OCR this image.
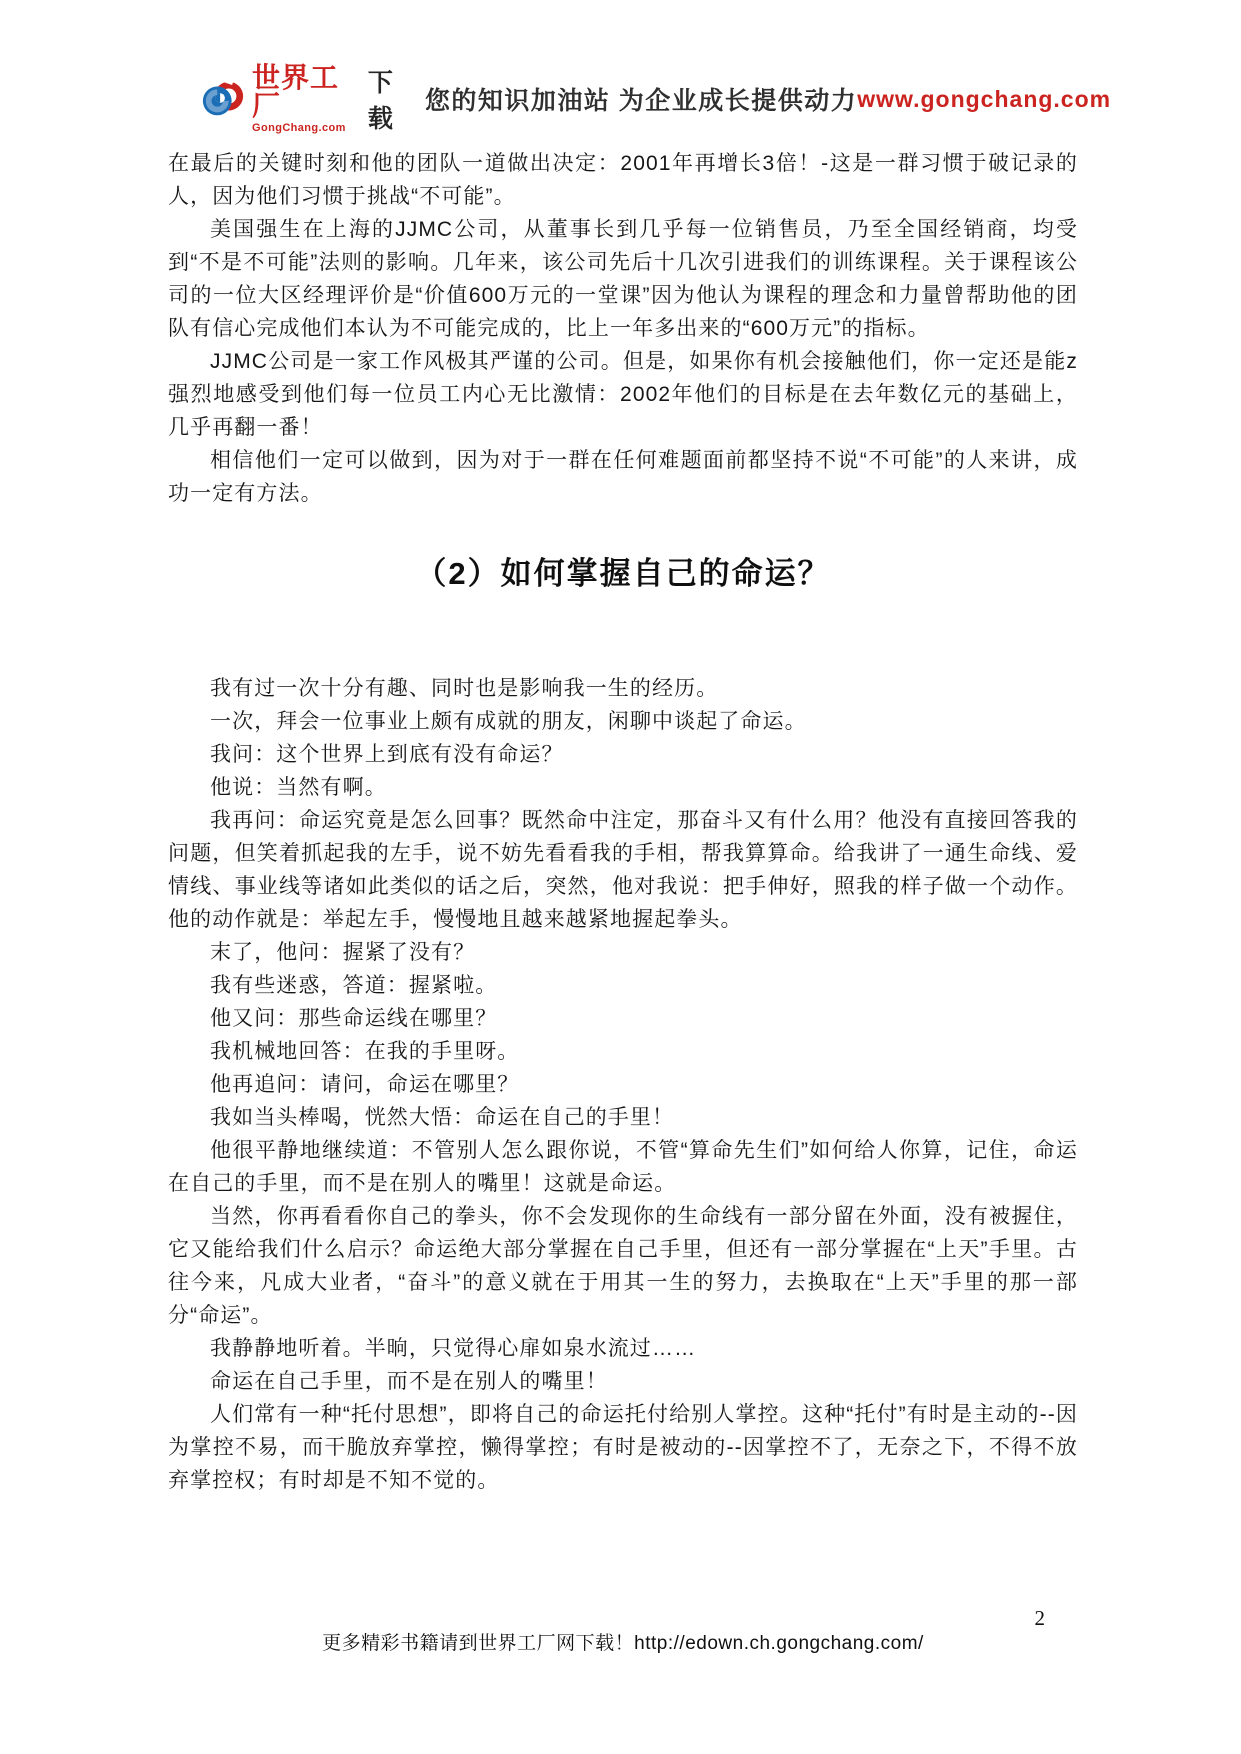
世界工厂
GongChang.com
下载
您的知识加油站 为企业成长提供动力 www.gongchang.com

在最后的关键时刻和他的团队一道做出决定：2001年再增长3倍！-这是一群习惯于破记录的人，因为他们习惯于挑战“不可能”。

美国强生在上海的JJMC公司，从董事长到几乎每一位销售员，乃至全国经销商，均受到“不是不可能”法则的影响。几年来，该公司先后十几次引进我们的训练课程。关于课程该公司的一位大区经理评价是“价值600万元的一堂课”因为他认为课程的理念和力量曾帮助他的团队有信心完成他们本认为不可能完成的，比上一年多出来的“600万元”的指标。

JJMC公司是一家工作风极其严谨的公司。但是，如果你有机会接触他们，你一定还是能z强烈地感受到他们每一位员工内心无比激情：2002年他们的目标是在去年数亿元的基础上，几乎再翻一番！

相信他们一定可以做到，因为对于一群在任何难题面前都坚持不说“不可能”的人来讲，成功一定有方法。

（2）如何掌握自己的命运？

我有过一次十分有趣、同时也是影响我一生的经历。

一次，拜会一位事业上颇有成就的朋友，闲聊中谈起了命运。

我问：这个世界上到底有没有命运？

他说：当然有啊。

我再问：命运究竟是怎么回事？既然命中注定，那奋斗又有什么用？他没有直接回答我的问题，但笑着抓起我的左手，说不妨先看看我的手相，帮我算算命。给我讲了一通生命线、爱情线、事业线等诸如此类似的话之后，突然，他对我说：把手伸好，照我的样子做一个动作。他的动作就是：举起左手，慢慢地且越来越紧地握起拳头。

末了，他问：握紧了没有？

我有些迷惑，答道：握紧啦。

他又问：那些命运线在哪里？

我机械地回答：在我的手里呀。

他再追问：请问，命运在哪里？

我如当头棒喝，恍然大悟：命运在自己的手里！

他很平静地继续道：不管别人怎么跟你说，不管“算命先生们”如何给人你算，记住，命运在自己的手里，而不是在别人的嘴里！这就是命运。

当然，你再看看你自己的拳头，你不会发现你的生命线有一部分留在外面，没有被握住，它又能给我们什么启示？命运绝大部分掌握在自己手里，但还有一部分掌握在“上天”手里。古往今来，凡成大业者，“奋斗”的意义就在于用其一生的努力，去换取在“上天”手里的那一部分“命运”。

我静静地听着。半晌，只觉得心扉如泉水流过……

命运在自己手里，而不是在别人的嘴里！

人们常有一种“托付思想”，即将自己的命运托付给别人掌控。这种“托付”有时是主动的--因为掌控不易，而干脆放弃掌控，懒得掌控；有时是被动的--因掌控不了，无奈之下，不得不放弃掌控权；有时却是不知不觉的。

2
更多精彩书籍请到世界工厂网下载！http://edown.ch.gongchang.com/
